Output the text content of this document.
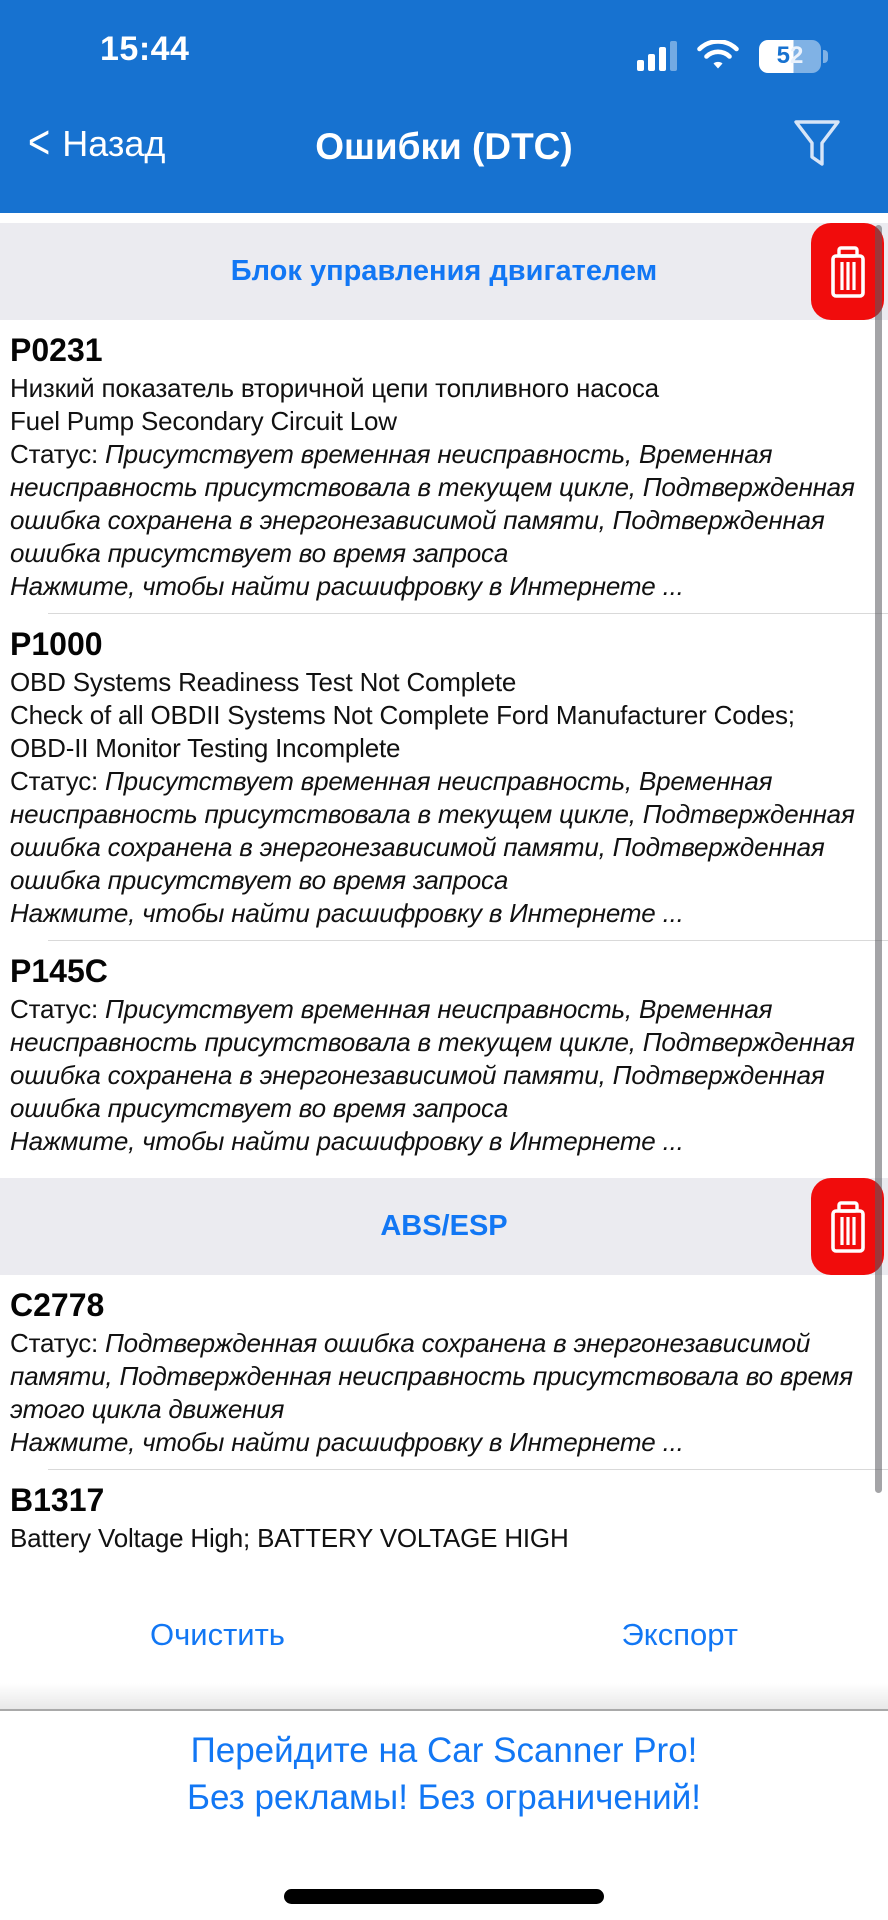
15:44	5 2
< Назад	Ошибки (DTC)
Блок управления двигателем
P0231
Низкий показатель вторичной цепи топливного насоса
Fuel Pump Secondary Circuit Low
Статус: Присутствует временная неисправность, Временная неисправность присутствовала в текущем цикле, Подтвержденная ошибка сохранена в энергонезависимой памяти, Подтвержденная ошибка присутствует во время запроса
Нажмите, чтобы найти расшифровку в Интернете ...
P1000
OBD Systems Readiness Test Not Complete
Check of all OBDII Systems Not Complete Ford Manufacturer Codes; OBD-II Monitor Testing Incomplete
Статус: Присутствует временная неисправность, Временная неисправность присутствовала в текущем цикле, Подтвержденная ошибка сохранена в энергонезависимой памяти, Подтвержденная ошибка присутствует во время запроса
Нажмите, чтобы найти расшифровку в Интернете ...
P145C
Статус: Присутствует временная неисправность, Временная неисправность присутствовала в текущем цикле, Подтвержденная ошибка сохранена в энергонезависимой памяти, Подтвержденная ошибка присутствует во время запроса
Нажмите, чтобы найти расшифровку в Интернете ...
ABS/ESP
C2778
Статус: Подтвержденная ошибка сохранена в энергонезависимой памяти, Подтвержденная неисправность присутствовала во время этого цикла движения
Нажмите, чтобы найти расшифровку в Интернете ...
B1317
Battery Voltage High; BATTERY VOLTAGE HIGH
Очистить	Экспорт
Перейдите на Car Scanner Pro!
Без рекламы! Без ограничений!
